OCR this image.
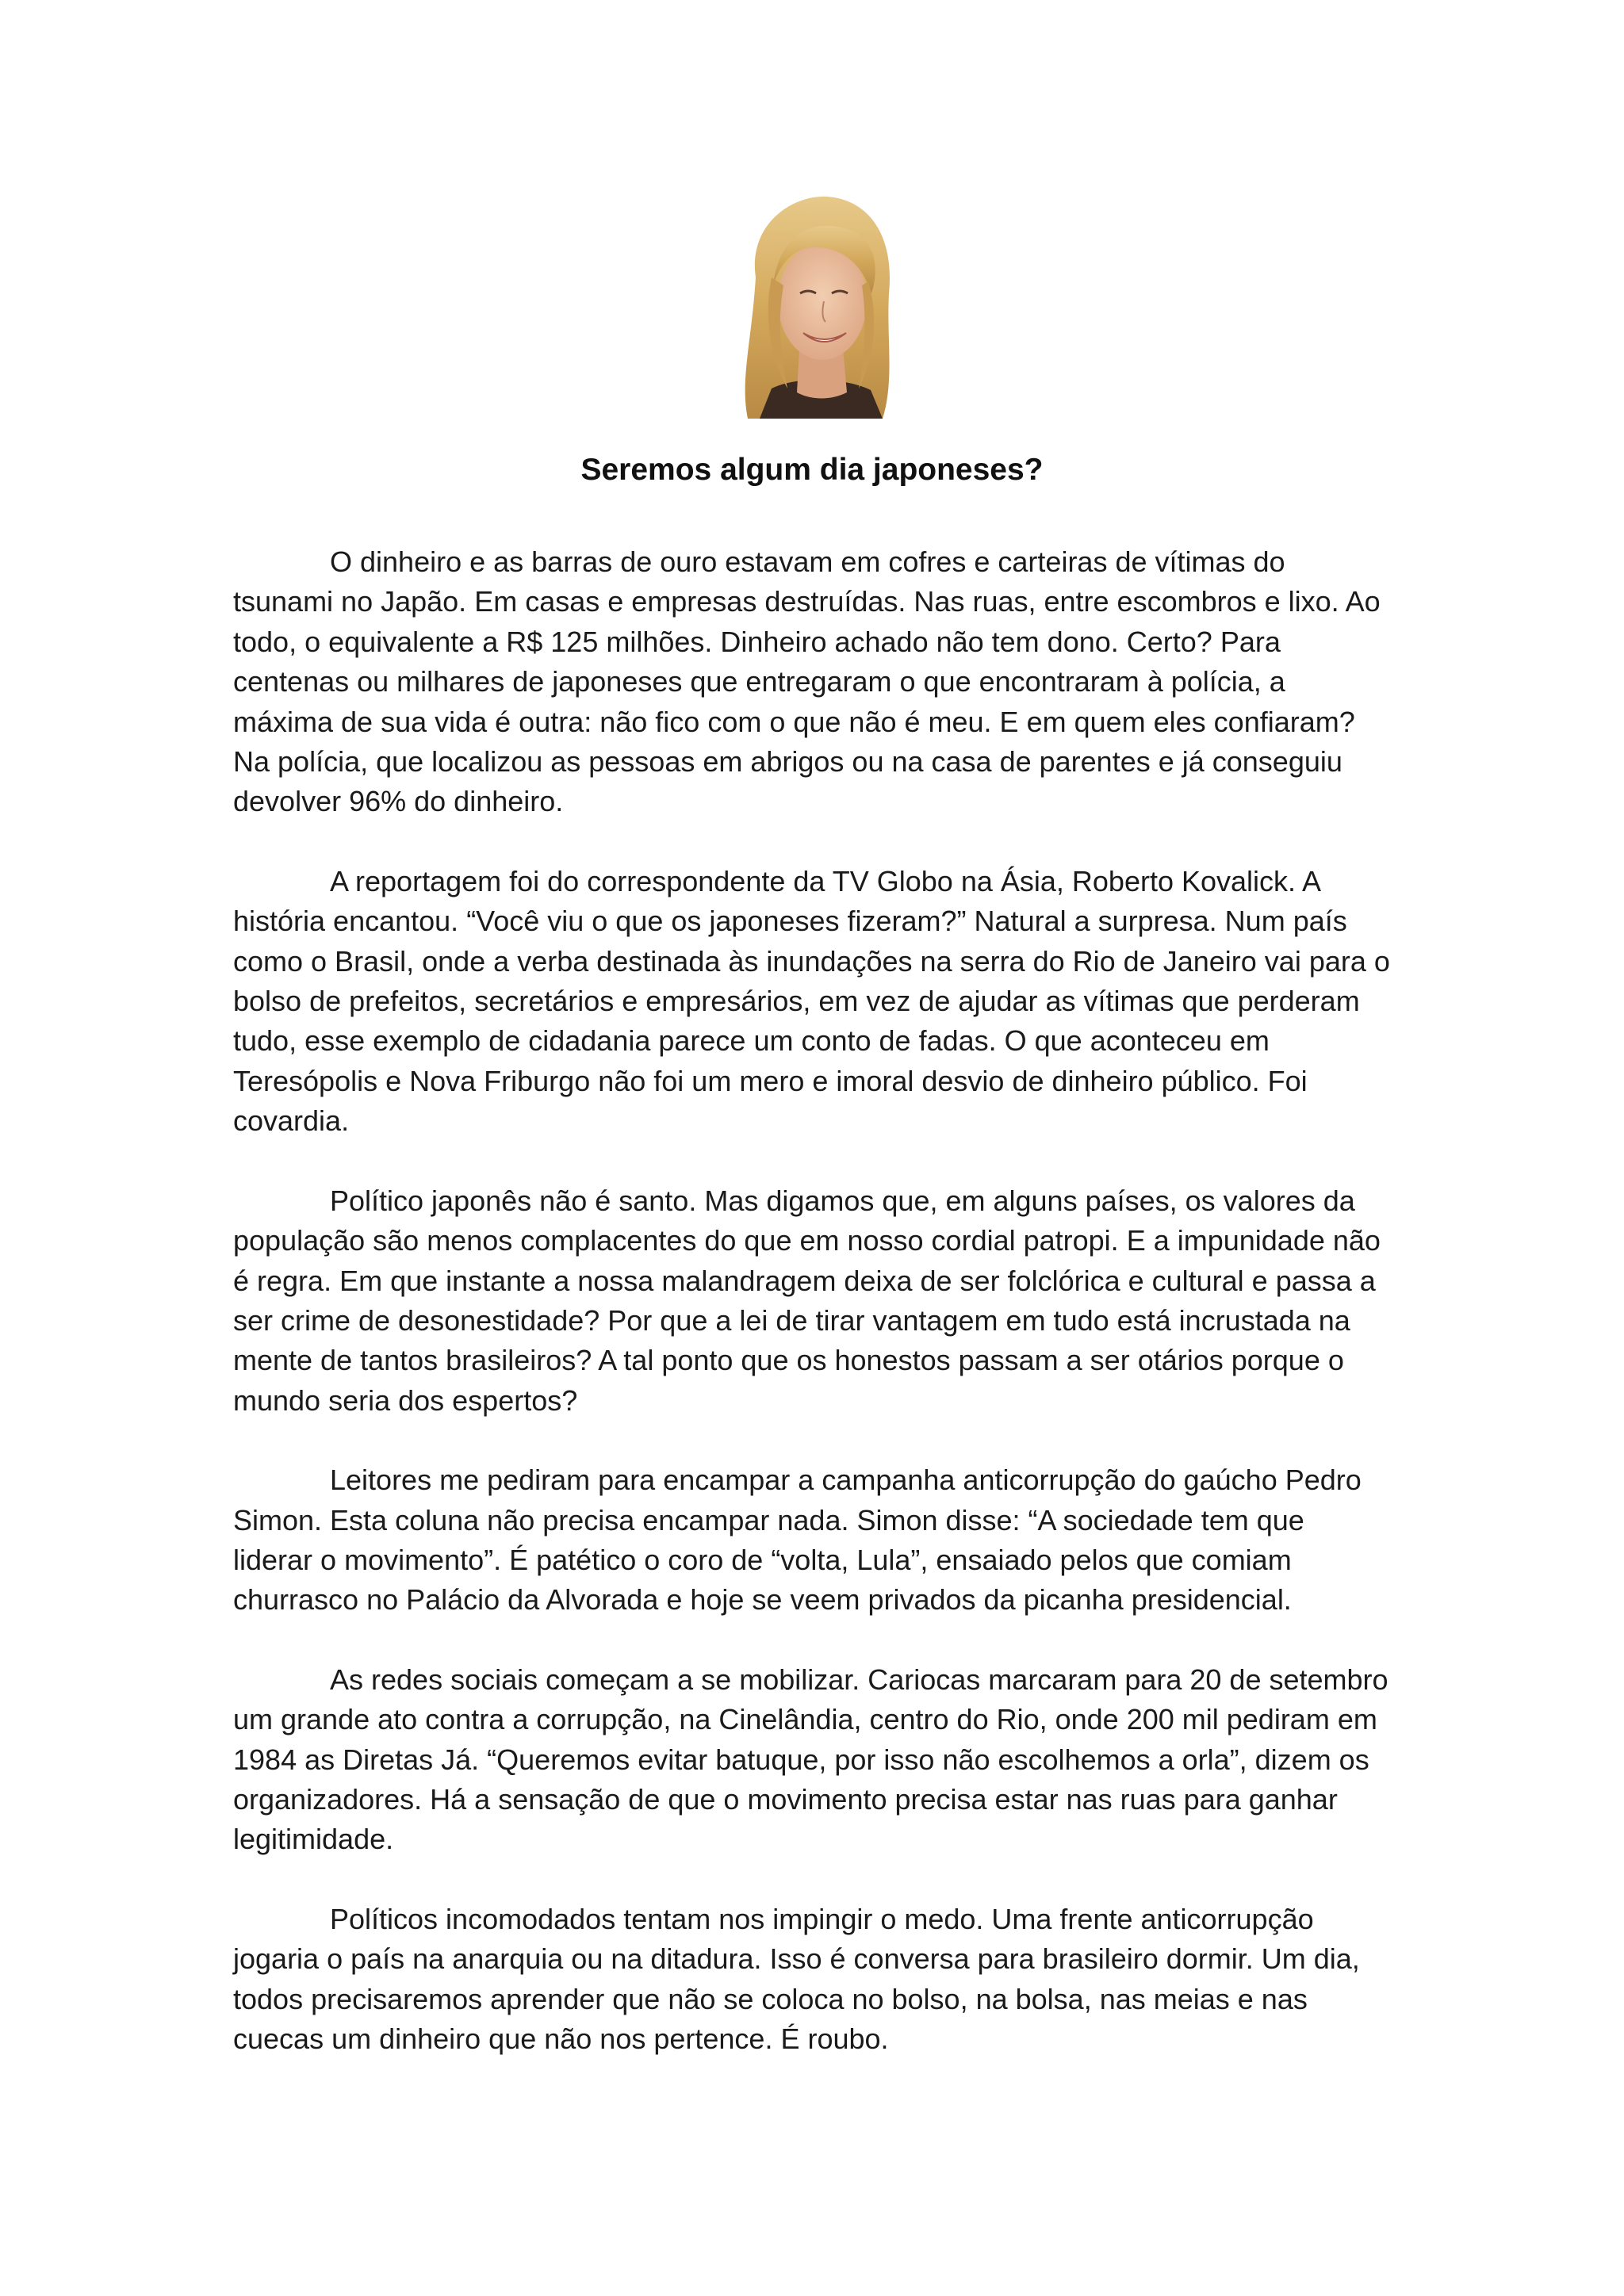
Seremos algum dia japoneses?

O dinheiro e as barras de ouro estavam em cofres e carteiras de vítimas do tsunami no Japão. Em casas e empresas destruídas. Nas ruas, entre escombros e lixo. Ao todo, o equivalente a R$ 125 milhões. Dinheiro achado não tem dono. Certo? Para centenas ou milhares de japoneses que entregaram o que encontraram à polícia, a máxima de sua vida é outra: não fico com o que não é meu. E em quem eles confiaram? Na polícia, que localizou as pessoas em abrigos ou na casa de parentes e já conseguiu devolver 96% do dinheiro.

A reportagem foi do correspondente da TV Globo na Ásia, Roberto Kovalick. A história encantou. “Você viu o que os japoneses fizeram?” Natural a surpresa. Num país como o Brasil, onde a verba destinada às inundações na serra do Rio de Janeiro vai para o bolso de prefeitos, secretários e empresários, em vez de ajudar as vítimas que perderam tudo, esse exemplo de cidadania parece um conto de fadas. O que aconteceu em Teresópolis e Nova Friburgo não foi um mero e imoral desvio de dinheiro público. Foi covardia.

Político japonês não é santo. Mas digamos que, em alguns países, os valores da população são menos complacentes do que em nosso cordial patropi. E a impunidade não é regra. Em que instante a nossa malandragem deixa de ser folclórica e cultural e passa a ser crime de desonestidade? Por que a lei de tirar vantagem em tudo está incrustada na mente de tantos brasileiros? A tal ponto que os honestos passam a ser otários porque o mundo seria dos espertos?

Leitores me pediram para encampar a campanha anticorrupção do gaúcho Pedro Simon. Esta coluna não precisa encampar nada. Simon disse: “A sociedade tem que liderar o movimento”. É patético o coro de “volta, Lula”, ensaiado pelos que comiam churrasco no Palácio da Alvorada e hoje se veem privados da picanha presidencial.

As redes sociais começam a se mobilizar. Cariocas marcaram para 20 de setembro um grande ato contra a corrupção, na Cinelândia, centro do Rio, onde 200 mil pediram em 1984 as Diretas Já. “Queremos evitar batuque, por isso não escolhemos a orla”, dizem os organizadores. Há a sensação de que o movimento precisa estar nas ruas para ganhar legitimidade.

Políticos incomodados tentam nos impingir o medo. Uma frente anticorrupção jogaria o país na anarquia ou na ditadura. Isso é conversa para brasileiro dormir. Um dia, todos precisaremos aprender que não se coloca no bolso, na bolsa, nas meias e nas cuecas um dinheiro que não nos pertence. É roubo.
